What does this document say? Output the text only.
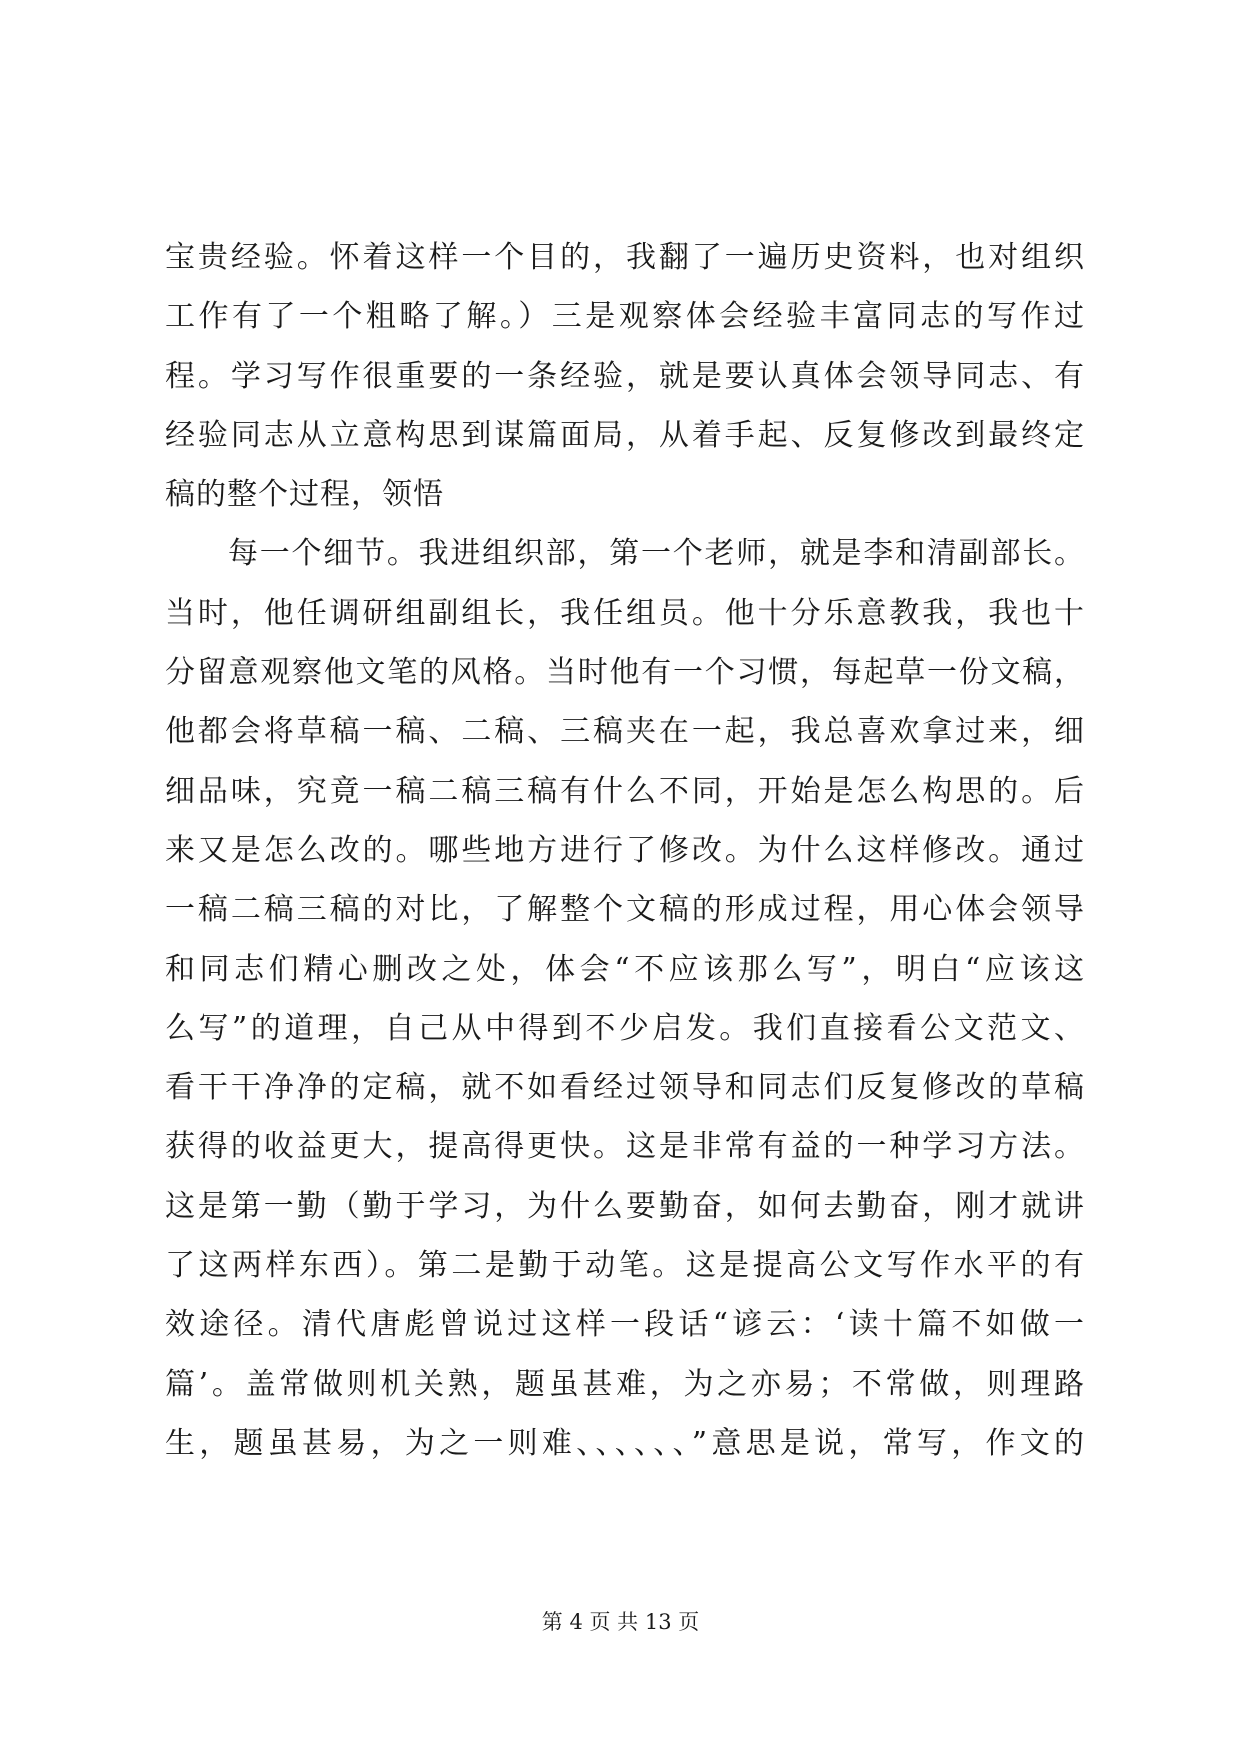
宝贵经验。怀着这样一个目的，我翻了一遍历史资料，也对组织
工作有了一个粗略了解。）三是观察体会经验丰富同志的写作过
程。学习写作很重要的一条经验，就是要认真体会领导同志、有
经验同志从立意构思到谋篇面局，从着手起、反复修改到最终定
稿的整个过程，领悟
每一个细节。我进组织部，第一个老师，就是李和清副部长。
当时，他任调研组副组长，我任组员。他十分乐意教我，我也十
分留意观察他文笔的风格。当时他有一个习惯，每起草一份文稿，
他都会将草稿一稿、二稿、三稿夹在一起，我总喜欢拿过来，细
细品味，究竟一稿二稿三稿有什么不同，开始是怎么构思的。后
来又是怎么改的。哪些地方进行了修改。为什么这样修改。通过
一稿二稿三稿的对比，了解整个文稿的形成过程，用心体会领导
和同志们精心删改之处，体会“不应该那么写”，明白“应该这
么写”的道理，自己从中得到不少启发。我们直接看公文范文、
看干干净净的定稿，就不如看经过领导和同志们反复修改的草稿
获得的收益更大，提高得更快。这是非常有益的一种学习方法。
这是第一勤（勤于学习，为什么要勤奋，如何去勤奋，刚才就讲
了这两样东西）。第二是勤于动笔。这是提高公文写作水平的有
效途径。清代唐彪曾说过这样一段话“谚云：‘读十篇不如做一
篇’。盖常做则机关熟，题虽甚难，为之亦易；不常做，则理路
生，题虽甚易，为之一则难、、、、、、”意思是说，常写，作文的
第 4 页 共 13 页
